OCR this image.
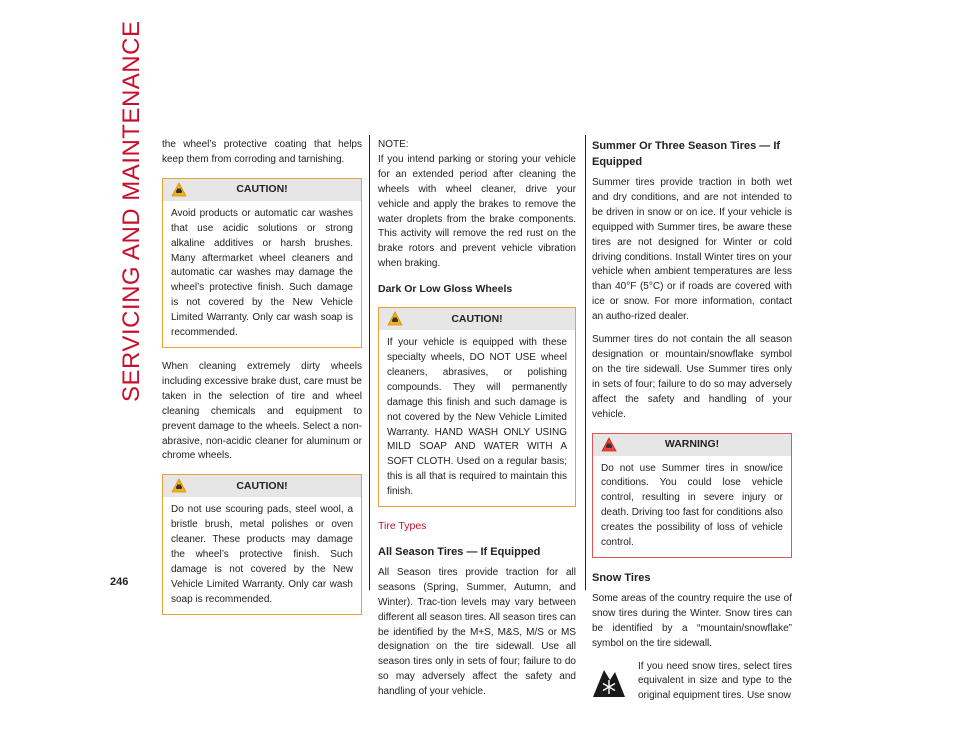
SERVICING AND MAINTENANCE
246

the wheel’s protective coating that helps keep them from corroding and tarnishing.

CAUTION!

Avoid products or automatic car washes that use acidic solutions or strong alkaline additives or harsh brushes. Many aftermarket wheel cleaners and automatic car washes may damage the wheel’s protective finish. Such damage is not covered by the New Vehicle Limited Warranty. Only car wash soap is recommended.

When cleaning extremely dirty wheels including excessive brake dust, care must be taken in the selection of tire and wheel cleaning chemicals and equipment to prevent damage to the wheels. Select a non-abrasive, non-acidic cleaner for aluminum or chrome wheels.

CAUTION!

Do not use scouring pads, steel wool, a bristle brush, metal polishes or oven cleaner. These products may damage the wheel’s protective finish. Such damage is not covered by the New Vehicle Limited Warranty. Only car wash soap is recommended.

NOTE:

If you intend parking or storing your vehicle for an extended period after cleaning the wheels with wheel cleaner, drive your vehicle and apply the brakes to remove the water droplets from the brake components. This activity will remove the red rust on the brake rotors and prevent vehicle vibration when braking.

Dark Or Low Gloss Wheels
CAUTION!

If your vehicle is equipped with these specialty wheels, DO NOT USE wheel cleaners, abrasives, or polishing compounds. They will permanently damage this finish and such damage is not covered by the New Vehicle Limited Warranty. HAND WASH ONLY USING MILD SOAP AND WATER WITH A SOFT CLOTH. Used on a regular basis; this is all that is required to maintain this finish.

Tire Types
All Season Tires — If Equipped

All Season tires provide traction for all seasons (Spring, Summer, Autumn, and Winter). Trac-tion levels may vary between different all season tires. All season tires can be identified by the M+S, M&S, M/S or MS designation on the tire sidewall. Use all season tires only in sets of four; failure to do so may adversely affect the safety and handling of your vehicle.

Summer Or Three Season Tires — If Equipped

Summer tires provide traction in both wet and dry conditions, and are not intended to be driven in snow or on ice. If your vehicle is equipped with Summer tires, be aware these tires are not designed for Winter or cold driving conditions. Install Winter tires on your vehicle when ambient temperatures are less than 40°F (5°C) or if roads are covered with ice or snow. For more information, contact an autho-rized dealer.

Summer tires do not contain the all season designation or mountain/snowflake symbol on the tire sidewall. Use Summer tires only in sets of four; failure to do so may adversely affect the safety and handling of your vehicle.

WARNING!

Do not use Summer tires in snow/ice conditions. You could lose vehicle control, resulting in severe injury or death. Driving too fast for conditions also creates the possibility of loss of vehicle control.

Snow Tires

Some areas of the country require the use of snow tires during the Winter. Snow tires can be identified by a “mountain/snowflake” symbol on the tire sidewall.

If you need snow tires, select tires equivalent in size and type to the original equipment tires. Use snow
